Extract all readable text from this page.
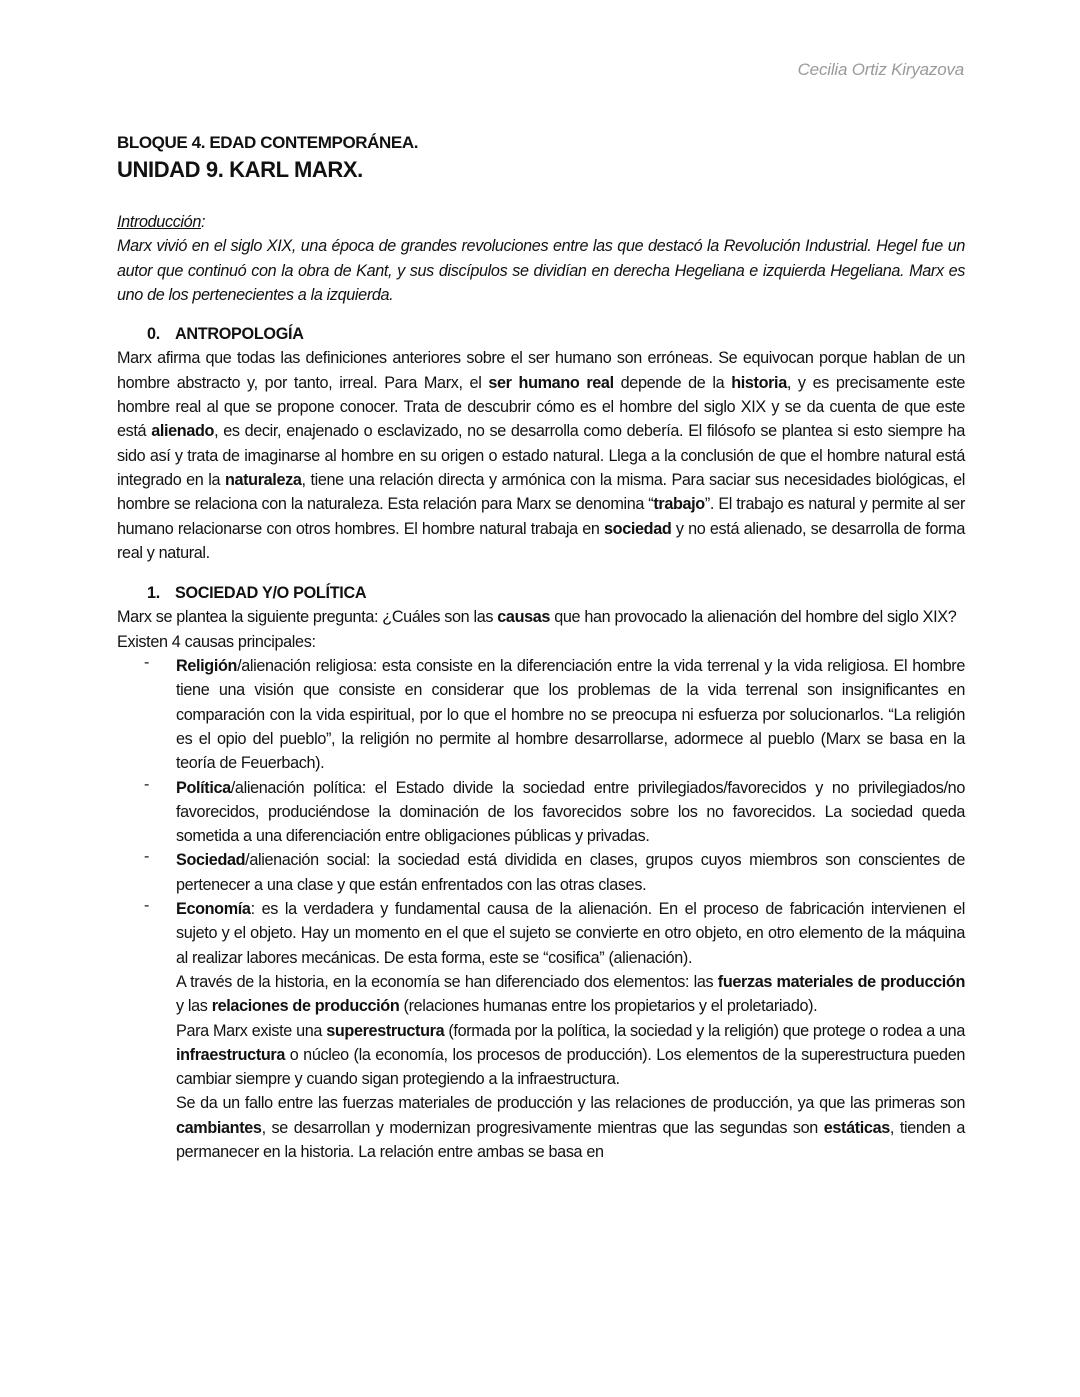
Cecilia Ortiz Kiryazova

BLOQUE 4. EDAD CONTEMPORÁNEA.

UNIDAD 9. KARL MARX.

Introducción:

Marx vivió en el siglo XIX, una época de grandes revoluciones entre las que destacó la Revolución Industrial. Hegel fue un autor que continuó con la obra de Kant, y sus discípulos se dividían en derecha Hegeliana e izquierda Hegeliana. Marx es uno de los pertenecientes a la izquierda.

0. ANTROPOLOGÍA

Marx afirma que todas las definiciones anteriores sobre el ser humano son erróneas. Se equivocan porque hablan de un hombre abstracto y, por tanto, irreal. Para Marx, el ser humano real depende de la historia, y es precisamente este hombre real al que se propone conocer. Trata de descubrir cómo es el hombre del siglo XIX y se da cuenta de que este está alienado, es decir, enajenado o esclavizado, no se desarrolla como debería. El filósofo se plantea si esto siempre ha sido así y trata de imaginarse al hombre en su origen o estado natural. Llega a la conclusión de que el hombre natural está integrado en la naturaleza, tiene una relación directa y armónica con la misma. Para saciar sus necesidades biológicas, el hombre se relaciona con la naturaleza. Esta relación para Marx se denomina “trabajo”. El trabajo es natural y permite al ser humano relacionarse con otros hombres. El hombre natural trabaja en sociedad y no está alienado, se desarrolla de forma real y natural.

1. SOCIEDAD Y/O POLÍTICA

Marx se plantea la siguiente pregunta: ¿Cuáles son las causas que han provocado la alienación del hombre del siglo XIX?

Existen 4 causas principales:

- Religión/alienación religiosa: esta consiste en la diferenciación entre la vida terrenal y la vida religiosa. El hombre tiene una visión que consiste en considerar que los problemas de la vida terrenal son insignificantes en comparación con la vida espiritual, por lo que el hombre no se preocupa ni esfuerza por solucionarlos. “La religión es el opio del pueblo”, la religión no permite al hombre desarrollarse, adormece al pueblo (Marx se basa en la teoría de Feuerbach).

- Política/alienación política: el Estado divide la sociedad entre privilegiados/favorecidos y no privilegiados/no favorecidos, produciéndose la dominación de los favorecidos sobre los no favorecidos. La sociedad queda sometida a una diferenciación entre obligaciones públicas y privadas.

- Sociedad/alienación social: la sociedad está dividida en clases, grupos cuyos miembros son conscientes de pertenecer a una clase y que están enfrentados con las otras clases.

- Economía: es la verdadera y fundamental causa de la alienación. En el proceso de fabricación intervienen el sujeto y el objeto. Hay un momento en el que el sujeto se convierte en otro objeto, en otro elemento de la máquina al realizar labores mecánicas. De esta forma, este se “cosifica” (alienación).

A través de la historia, en la economía se han diferenciado dos elementos: las fuerzas materiales de producción y las relaciones de producción (relaciones humanas entre los propietarios y el proletariado).

Para Marx existe una superestructura (formada por la política, la sociedad y la religión) que protege o rodea a una infraestructura o núcleo (la economía, los procesos de producción). Los elementos de la superestructura pueden cambiar siempre y cuando sigan protegiendo a la infraestructura.

Se da un fallo entre las fuerzas materiales de producción y las relaciones de producción, ya que las primeras son cambiantes, se desarrollan y modernizan progresivamente mientras que las segundas son estáticas, tienden a permanecer en la historia. La relación entre ambas se basa en
